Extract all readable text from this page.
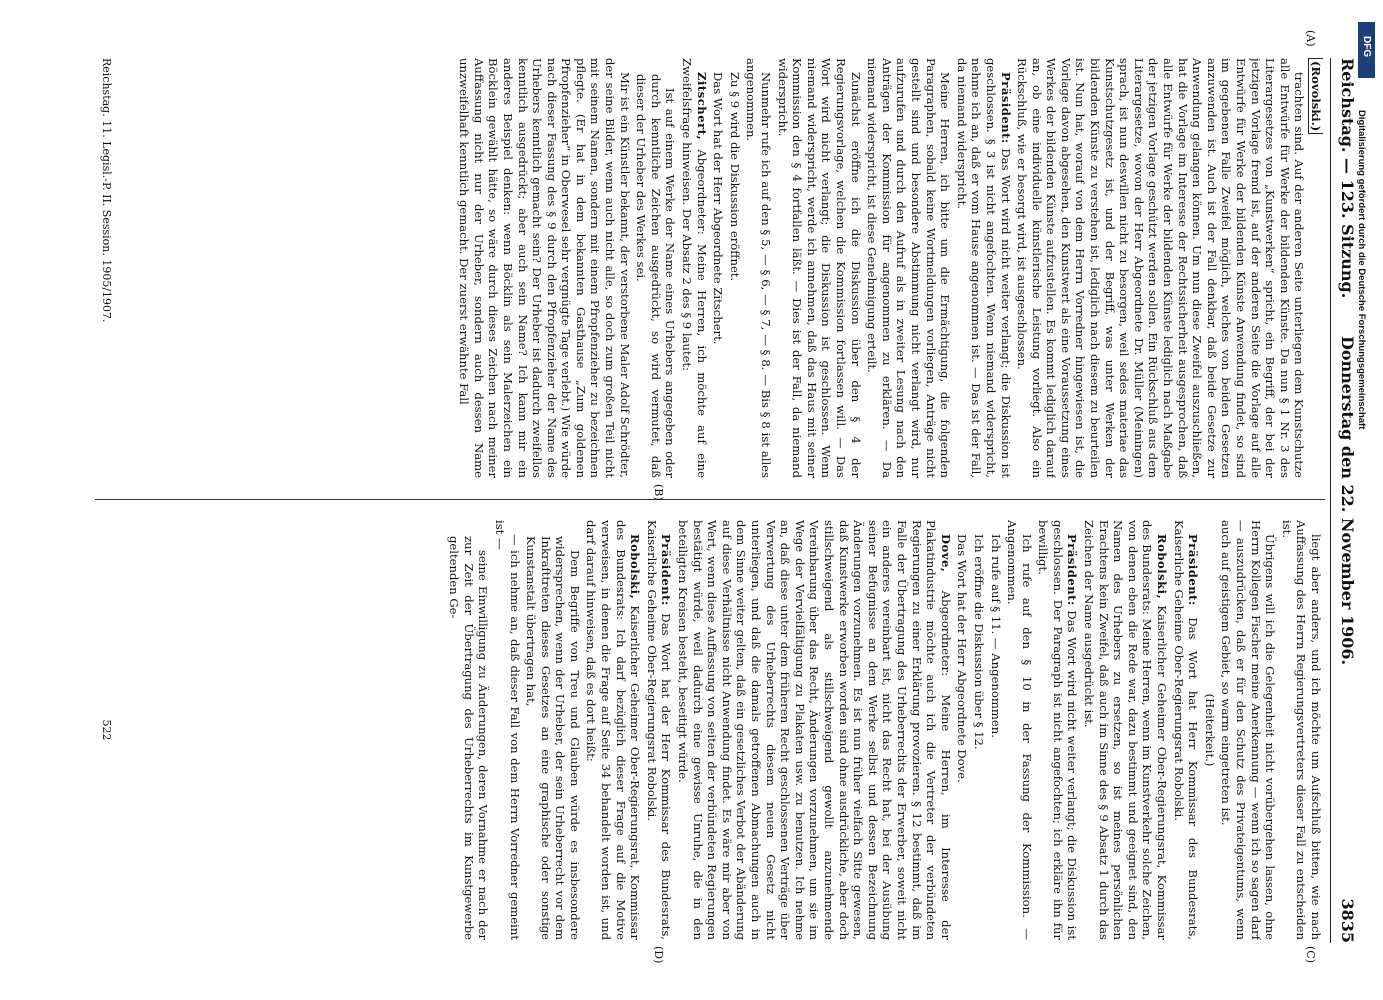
Reichstag. — 123. Sitzung.
Donnerstag den 22. November 1906.
3835

(Rovolski.)

trachten sind. Auf der anderen Seite unterliegen dem Kunstschutze alle Entwürfe für Werke der bildenden Künste. Da nun § 1 Nr. 3 des Literargesetzes von „Kunstwerken“ spricht, ein Begriff, der bei der jetzigen Vorlage fremd ist, auf der anderen Seite die Vorlage auf alle Entwürfe für Werke der bildenden Künste Anwendung findet, so sind im gegebenen Falle Zweifel möglich, welches von beiden Gesetzen anzuwenden ist. Auch ist der Fall denkbar, daß beide Gesetze zur Anwendung gelangen können. Um nun diese Zweifel auszuschließen, hat die Vorlage im Interesse der Rechtssicherheit ausgesprochen, daß alle Entwürfe für Werke der bildenden Künste lediglich nach Maßgabe der jetzigen Vorlage geschützt werden sollen. Ein Rückschluß aus dem Literargesetze, wovon der Herr Abgeordnete Dr. Müller (Meiningen) sprach, ist nun deswillen nicht zu besorgen, weil sedes materiae das Kunstschutzgesetz ist, und der Begriff, was unter Werken der bildenden Künste zu verstehen ist, lediglich nach diesem zu beurteilen ist. Nun hat, worauf von dem Herrn Vorredner hingewiesen ist, die Vorlage davon abgesehen, den Kunstwert als eine Voraussetzung eines Werkes der bildenden Künste aufzustellen. Es kommt lediglich darauf an, ob eine individuelle künstlerische Leistung vorliegt. Also ein Rückschluß, wie er besorgt wird, ist ausgeschlossen.

Präsident: Das Wort wird nicht weiter verlangt; die Diskussion ist geschlossen. § 3 ist nicht angefochten. Wenn niemand widerspricht, nehme ich an, daß er vom Hause angenommen ist. — Das ist der Fall, da niemand widerspricht.

Meine Herren, ich bitte um die Ermächtigung, die folgenden Paragraphen, sobald keine Wortmeldungen vorliegen, Anträge nicht gestellt sind und besondere Abstimmung nicht verlangt wird, nur aufzurufen und durch den Aufruf als in zweiter Lesung nach den Anträgen der Kommission für angenommen zu erklären. — Da niemand widerspricht, ist diese Genehmigung erteilt.

Zunächst eröffne ich die Diskussion über den § 4 der Regierungsvorlage, welchen die Kommission fortlassen will. — Das Wort wird nicht verlangt; die Diskussion ist geschlossen. Wenn niemand widerspricht, werde ich annehmen, daß das Haus mit seiner Kommission den § 4 fortfallen läßt. — Dies ist der Fall, da niemand widerspricht.

Nunmehr rufe ich auf den § 5, — § 6, — § 7, — § 8. — Bis § 8 ist alles angenommen.

Zu § 9 wird die Diskussion eröffnet.

Das Wort hat der Herr Abgeordnete Zitschert.

Zitschert, Abgeordneter: Meine Herren, ich möchte auf eine Zweifelsfrage hinweisen. Der Absatz 2 des § 9 lautet:

Ist auf einem Werke der Name eines Urhebers angegeben oder durch kenntliche Zeichen ausgedrückt, so wird vermutet, daß dieser der Urheber des Werkes sei.

Mir ist ein Künstler bekannt, der verstorbene Maler Adolf Schrödter, der seine Bilder, wenn auch nicht alle, so doch zum großen Teil nicht mit seinem Namen, sondern mit einem Pfropfenzieher zu bezeichnen pflegte. (Er hat in dem bekannten Gasthause „Zum goldenen Pfropfenzieher“ in Oberwesel sehr vergnügte Tage verlebt.) Wie würde nach dieser Fassung des § 9 durch den Pfropfenzieher der Name des Urhebers kenntlich gemacht sein? Der Urheber ist dadurch zweifellos kenntlich ausgedrückt; aber auch sein Name? Ich kann mir ein anderes Beispiel denken: wenn Böcklin als sein Malerzeichen ein Böcklein gewählt hätte, so wäre durch dieses Zeichen nach meiner Auffassung nicht nur der Urheber, sondern auch dessen Name unzweifelhaft kenntlich gemacht. Der zuerst erwähnte Fall

liegt aber anders, und ich möchte um Aufschluß bitten, wie nach Auffassung des Herrn Regierungsvertreters dieser Fall zu entscheiden ist.

Übrigens will ich die Gelegenheit nicht vorübergehen lassen, ohne Herrn Kollegen Fischer meine Anerkennung — wenn ich so sagen darf — auszudrücken, daß er für den Schutz des Privateigentums, wenn auch auf geistigem Gebiet, so warm eingetreten ist.

(Heiterkeit.)

Präsident: Das Wort hat Herr Kommissar des Bundesrats, Kaiserliche Geheime Ober-Regierungsrat Robolski.

Robolski, Kaiserlicher Geheimer Ober-Regierungsrat, Kommissar des Bundesrats: Meine Herren, wenn im Kunstverkehr solche Zeichen, von denen eben die Rede war, dazu bestimmt und geeignet sind, den Namen des Urhebers zu ersetzen, so ist meines persönlichen Erachtens kein Zweifel, daß auch im Sinne des § 9 Absatz 1 durch das Zeichen der Name ausgedrückt ist.

Präsident: Das Wort wird nicht weiter verlangt; die Diskussion ist geschlossen. Der Paragraph ist nicht angefochten; ich erkläre ihn für bewilligt.

Ich rufe auf den § 10 in der Fassung der Kommission. — Angenommen.

Ich rufe auf § 11. — Angenommen.

Ich eröffne die Diskussion über § 12.

Das Wort hat der Herr Abgeordnete Dove.

Dove, Abgeordneter: Meine Herren, im Interesse der Plakatindustrie möchte auch ich die Vertreter der verbündeten Regierungen zu einer Erklärung provozieren. § 12 bestimmt, daß im Falle der Übertragung des Urheberrechts der Erwerber, soweit nicht ein anderes vereinbart ist, nicht das Recht hat, bei der Ausübung seiner Befugnisse an dem Werke selbst und dessen Bezeichnung Änderungen vorzunehmen. Es ist nun früher vielfach Sitte gewesen, daß Kunstwerke erworben worden sind ohne ausdrückliche, aber doch stillschweigend als stillschweigend gewollt anzunehmende Vereinbarung über das Recht, Änderungen vorzunehmen, um sie im Wege der Vervielfältigung zu Plakaten usw. zu benutzen. Ich nehme an, daß diese unter dem früheren Recht geschlossenen Verträge über Verwertung des Urheberrechts diesem neuen Gesetz nicht unterliegen, und daß die damals getroffenen Abmachungen auch in dem Sinne weiter gelten, daß ein gesetzliches Verbot der Abänderung auf diese Verhältnisse nicht Anwendung findet. Es wäre mir aber von Wert, wenn diese Auffassung von seiten der verbündeten Regierungen bestätigt würde, weil dadurch eine gewisse Unruhe, die in den beteiligten Kreisen besteht, beseitigt würde.

Präsident: Das Wort hat der Herr Kommissar des Bundesrats, Kaiserliche Geheime Ober-Regierungsrat Robolski.

Robolski, Kaiserlicher Geheimer Ober-Regierungsrat, Kommissar des Bundesrats: Ich darf bezüglich dieser Frage auf die Motive verweisen, in denen die Frage auf Seite 34 behandelt worden ist, und darf darauf hinweisen, daß es dort heißt:

Dem Begriffe von Treu und Glauben würde es insbesondere widersprechen, wenn der Urheber, der sein Urheberrecht vor dem Inkrafttreten dieses Gesetzes an eine graphische oder sonstige Kunstanstalt übertragen hat,

— ich nehme an, daß dieser Fall von dem Herrn Vorredner gemeint ist —

seine Einwilligung zu Änderungen, deren Vornahme er nach der zur Zeit der Übertragung des Urheberrechts im Kunstgewerbe geltenden Ge-

(A)
(B)
(C)
(D)
Reichstag. 11. Legisl.-P. II. Session. 1905/1907.
522
DFG
Digitalisierung gefördert durch die Deutsche Forschungsgemeinschaft
